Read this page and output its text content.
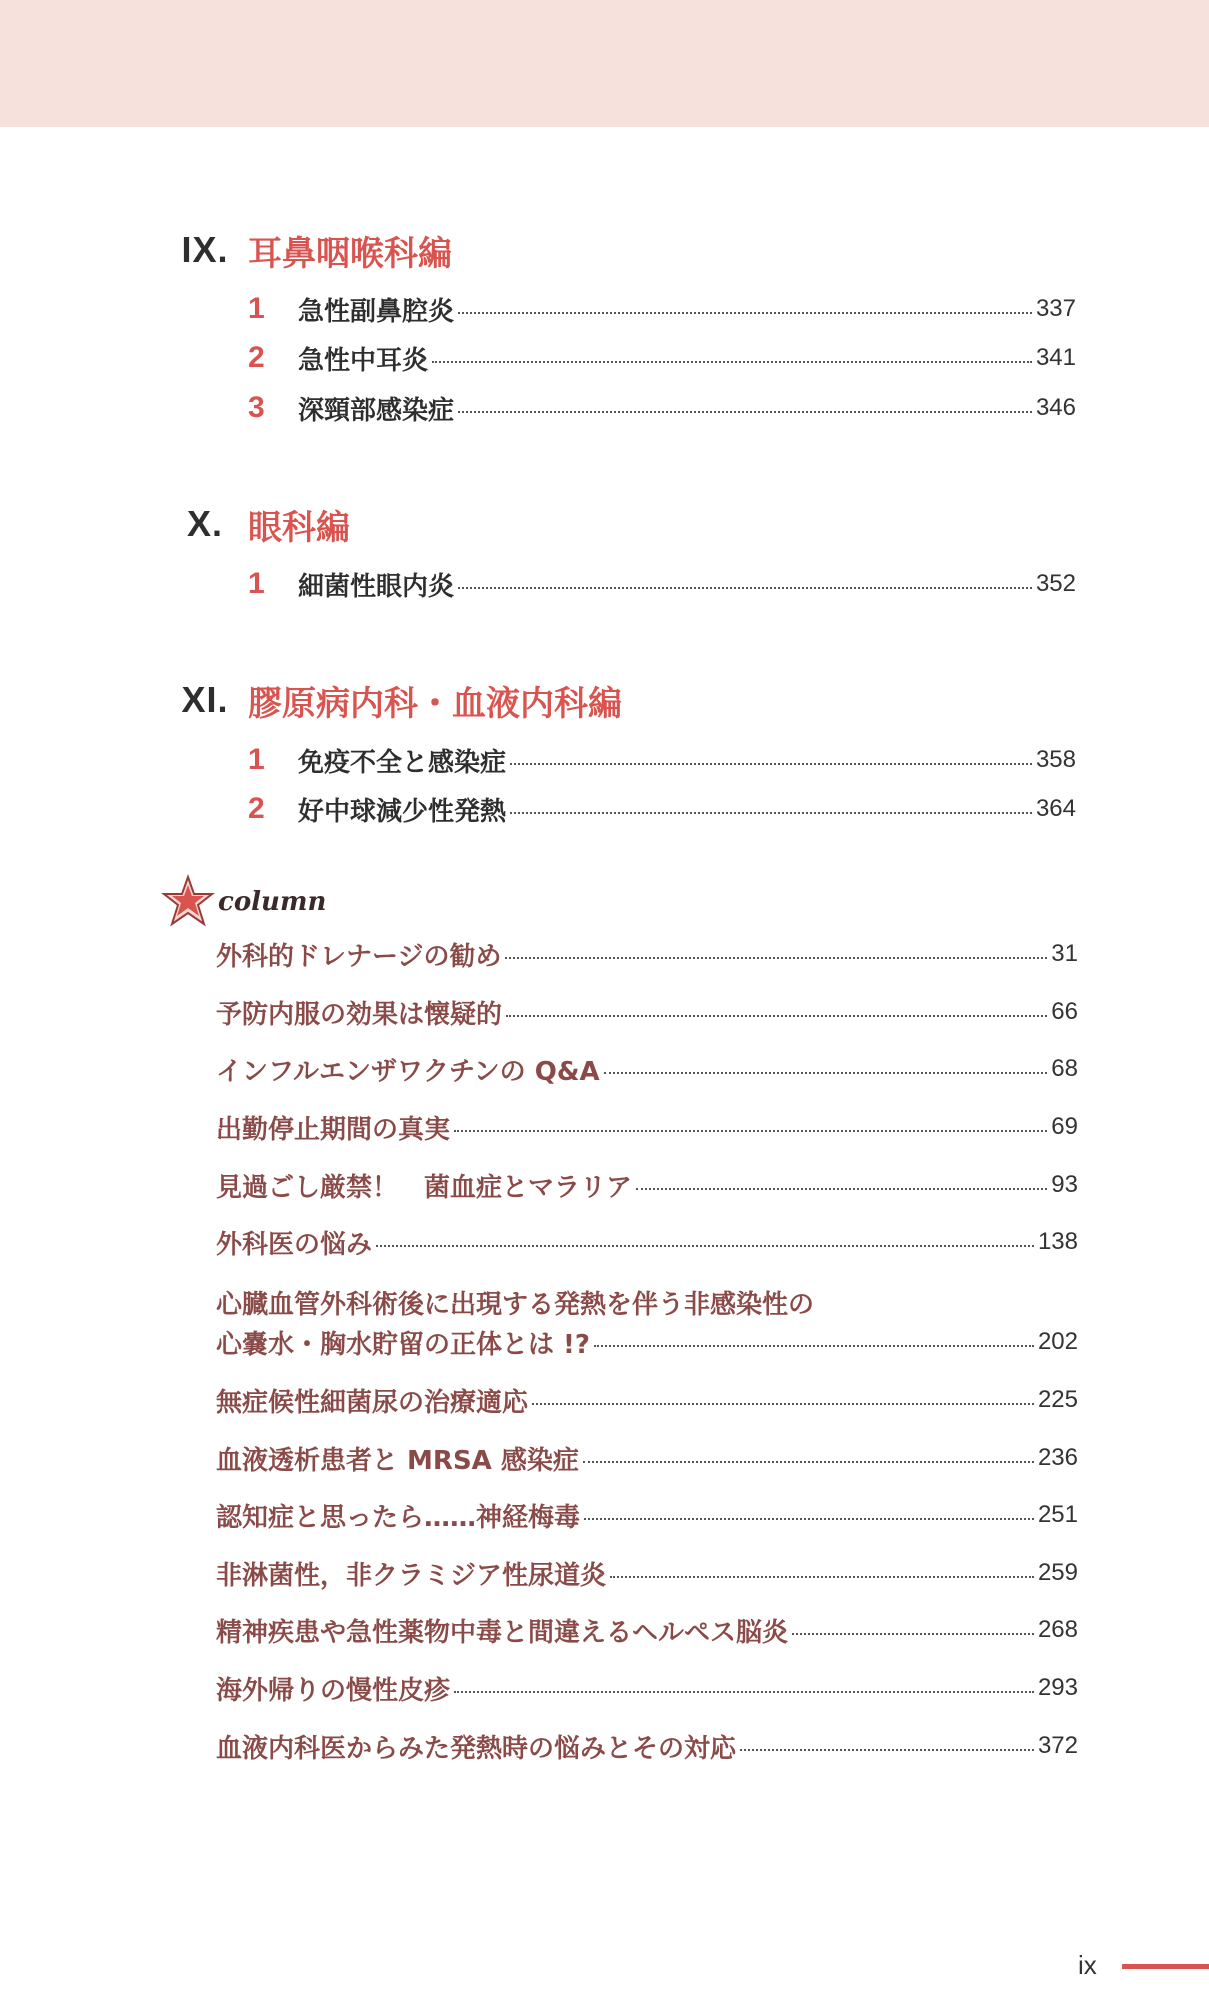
IX. 耳鼻咽喉科編
1	急性副鼻腔炎	337
2	急性中耳炎	341
3	深頸部感染症	346
X. 眼科編
1	細菌性眼内炎	352
XI. 膠原病内科・血液内科編
1	免疫不全と感染症	358
2	好中球減少性発熱	364
column
外科的ドレナージの勧め	31
予防内服の効果は懐疑的	66
インフルエンザワクチンの Q&A	68
出勤停止期間の真実	69
見過ごし厳禁！　菌血症とマラリア	93
外科医の悩み	138
心臓血管外科術後に出現する発熱を伴う非感染性の
心嚢水・胸水貯留の正体とは !?	202
無症候性細菌尿の治療適応	225
血液透析患者と MRSA 感染症	236
認知症と思ったら……神経梅毒	251
非淋菌性，非クラミジア性尿道炎	259
精神疾患や急性薬物中毒と間違えるヘルペス脳炎	268
海外帰りの慢性皮疹	293
血液内科医からみた発熱時の悩みとその対応	372
ix
